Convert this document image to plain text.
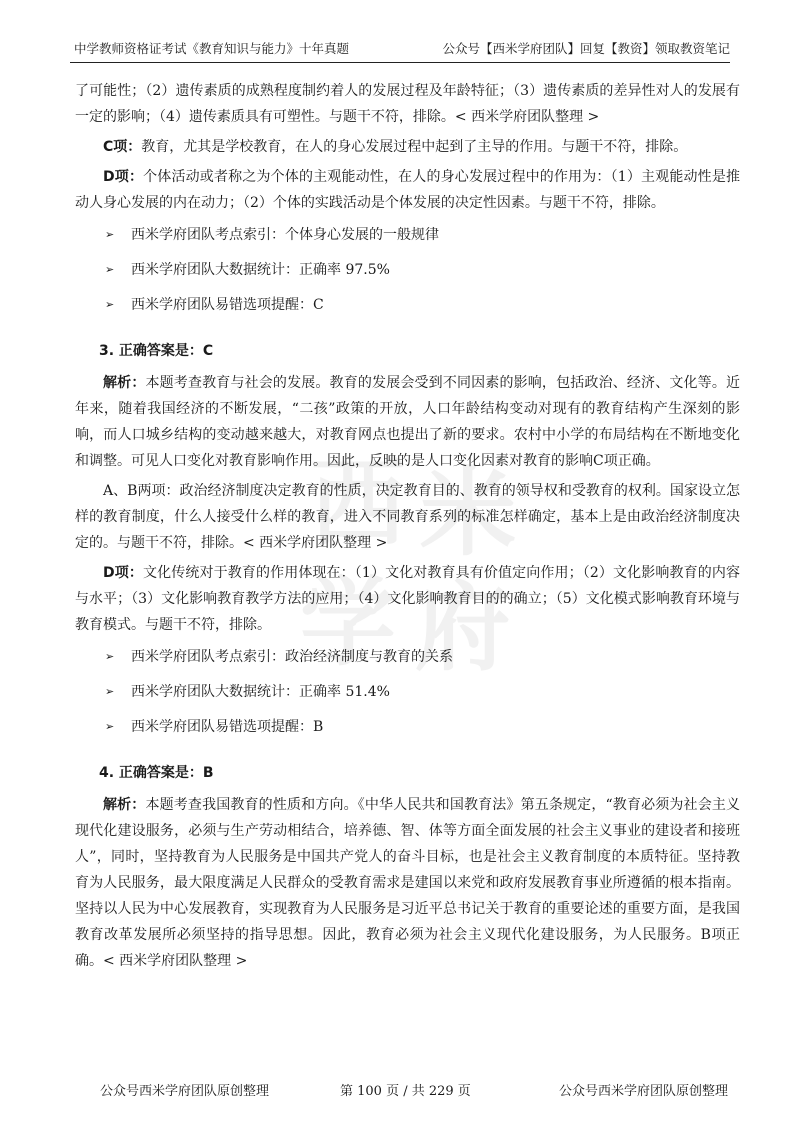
中学教师资格证考试《教育知识与能力》十年真题	公众号【西米学府团队】回复【教资】领取教资笔记
西 米
学 府

了可能性；（2）遗传素质的成熟程度制约着人的发展过程及年龄特征；（3）遗传素质的差异性对人的发展有一定的影响；（4）遗传素质具有可塑性。与题干不符，排除。< 西米学府团队整理 >

C项：教育，尤其是学校教育，在人的身心发展过程中起到了主导的作用。与题干不符，排除。

D项：个体活动或者称之为个体的主观能动性，在人的身心发展过程中的作用为：（1）主观能动性是推动人身心发展的内在动力；（2）个体的实践活动是个体发展的决定性因素。与题干不符，排除。

➢ 西米学府团队考点索引：个体身心发展的一般规律
➢ 西米学府团队大数据统计：正确率 97.5%
➢ 西米学府团队易错选项提醒：C
3. 正确答案是：C

解析：本题考查教育与社会的发展。教育的发展会受到不同因素的影响，包括政治、经济、文化等。近年来，随着我国经济的不断发展，“二孩”政策的开放，人口年龄结构变动对现有的教育结构产生深刻的影响，而人口城乡结构的变动越来越大，对教育网点也提出了新的要求。农村中小学的布局结构在不断地变化和调整。可见人口变化对教育影响作用。因此，反映的是人口变化因素对教育的影响C项正确。

A、B两项：政治经济制度决定教育的性质，决定教育目的、教育的领导权和受教育的权利。国家设立怎样的教育制度，什么人接受什么样的教育，进入不同教育系列的标准怎样确定，基本上是由政治经济制度决定的。与题干不符，排除。< 西米学府团队整理 >

D项：文化传统对于教育的作用体现在：（1）文化对教育具有价值定向作用；（2）文化影响教育的内容与水平；（3）文化影响教育教学方法的应用；（4）文化影响教育目的的确立；（5）文化模式影响教育环境与教育模式。与题干不符，排除。

➢ 西米学府团队考点索引：政治经济制度与教育的关系
➢ 西米学府团队大数据统计：正确率 51.4%
➢ 西米学府团队易错选项提醒：B
4. 正确答案是：B

解析：本题考查我国教育的性质和方向。《中华人民共和国教育法》第五条规定，“教育必须为社会主义现代化建设服务，必须与生产劳动相结合，培养德、智、体等方面全面发展的社会主义事业的建设者和接班人”，同时，坚持教育为人民服务是中国共产党人的奋斗目标，也是社会主义教育制度的本质特征。坚持教育为人民服务，最大限度满足人民群众的受教育需求是建国以来党和政府发展教育事业所遵循的根本指南。坚持以人民为中心发展教育，实现教育为人民服务是习近平总书记关于教育的重要论述的重要方面，是我国教育改革发展所必须坚持的指导思想。因此，教育必须为社会主义现代化建设服务，为人民服务。B项正确。< 西米学府团队整理 >

公众号西米学府团队原创整理	第 100 页 / 共 229 页	公众号西米学府团队原创整理
